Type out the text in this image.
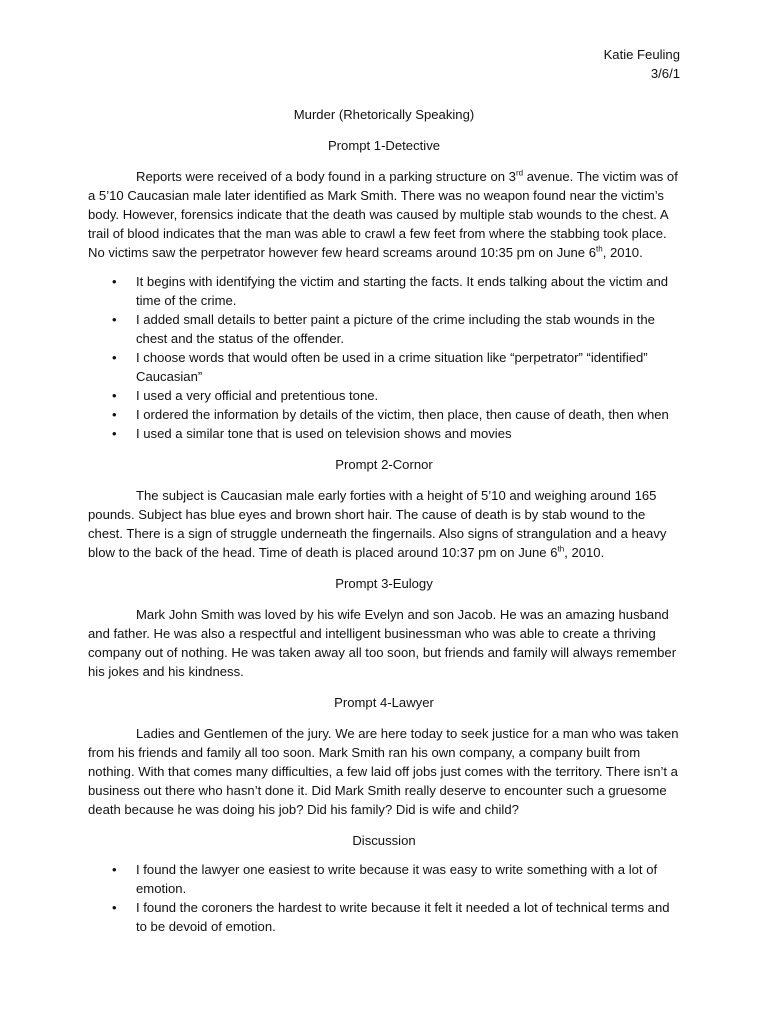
Katie Feuling
3/6/1
Murder (Rhetorically Speaking)
Prompt 1-Detective
Reports were received of a body found in a parking structure on 3rd avenue. The victim was of a 5’10 Caucasian male later identified as Mark Smith. There was no weapon found near the victim’s body. However, forensics indicate that the death was caused by multiple stab wounds to the chest. A trail of blood indicates that the man was able to crawl a few feet from where the stabbing took place. No victims saw the perpetrator however few heard screams around 10:35 pm on June 6th, 2010.
• It begins with identifying the victim and starting the facts. It ends talking about the victim and time of the crime.
• I added small details to better paint a picture of the crime including the stab wounds in the chest and the status of the offender.
• I choose words that would often be used in a crime situation like “perpetrator” “identified” Caucasian”
• I used a very official and pretentious tone.
• I ordered the information by details of the victim, then place, then cause of death, then when
• I used a similar tone that is used on television shows and movies
Prompt 2-Cornor
The subject is Caucasian male early forties with a height of 5’10 and weighing around 165 pounds. Subject has blue eyes and brown short hair. The cause of death is by stab wound to the chest. There is a sign of struggle underneath the fingernails. Also signs of strangulation and a heavy blow to the back of the head. Time of death is placed around 10:37 pm on June 6th, 2010.
Prompt 3-Eulogy
Mark John Smith was loved by his wife Evelyn and son Jacob. He was an amazing husband and father. He was also a respectful and intelligent businessman who was able to create a thriving company out of nothing. He was taken away all too soon, but friends and family will always remember his jokes and his kindness.
Prompt 4-Lawyer
Ladies and Gentlemen of the jury. We are here today to seek justice for a man who was taken from his friends and family all too soon. Mark Smith ran his own company, a company built from nothing. With that comes many difficulties, a few laid off jobs just comes with the territory. There isn’t a business out there who hasn’t done it. Did Mark Smith really deserve to encounter such a gruesome death because he was doing his job? Did his family? Did is wife and child?
Discussion
• I found the lawyer one easiest to write because it was easy to write something with a lot of emotion.
• I found the coroners the hardest to write because it felt it needed a lot of technical terms and to be devoid of emotion.
